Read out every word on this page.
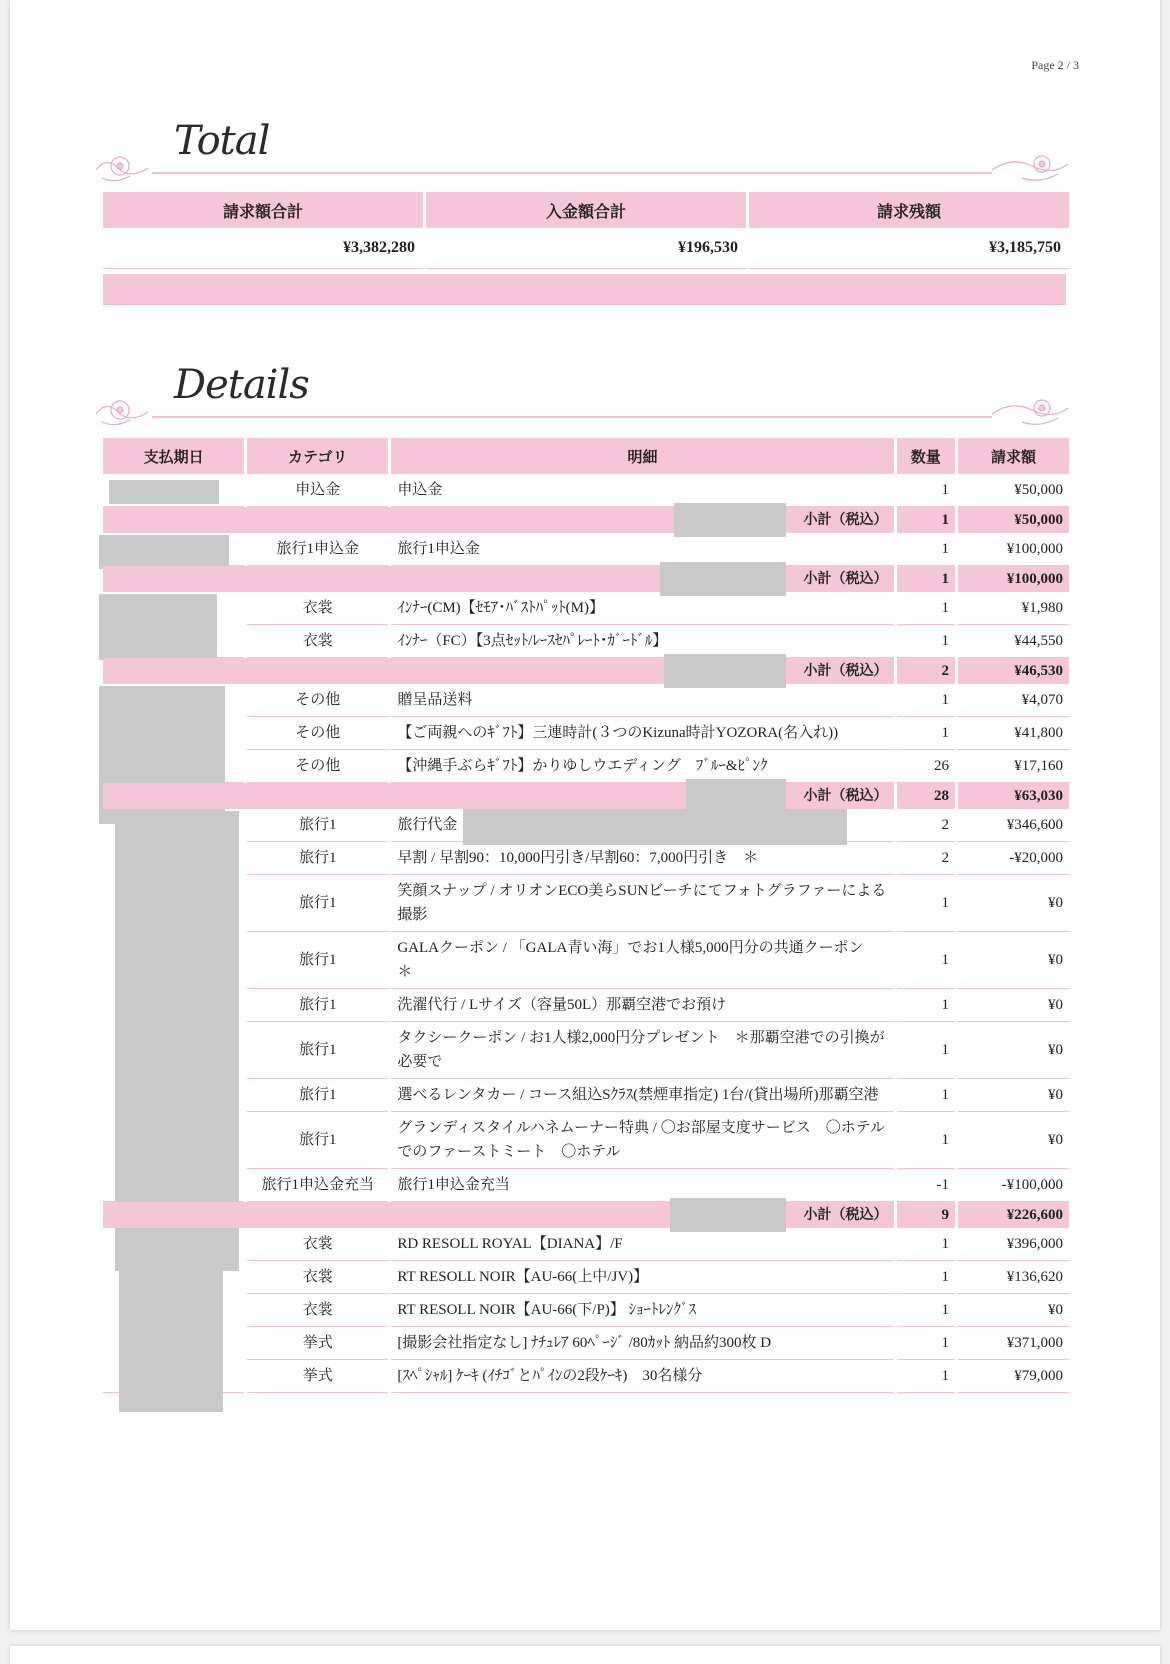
Page 2 / 3
Total
請求額合計	入金額合計	請求残額
¥3,382,280	¥196,530	¥3,185,750
Details
支払期日	カテゴリ	明細	数量	請求額

	申込金	申込金	1	¥50,000

小計（税込）			1	¥50,000

	旅行1申込金	旅行1申込金	1	¥100,000

小計（税込）			1	¥100,000

	衣裳	ｲﾝﾅｰ(CM)【ｾﾓｱ･ﾊﾞｽﾄﾊﾟｯﾄ(M)】	1	¥1,980
	衣裳	ｲﾝﾅｰ（FC）【3点ｾｯﾄ/ﾚｰｽｾﾊﾟﾚｰﾄ･ｶﾞｰﾄﾞﾙ】	1	¥44,550

小計（税込）			2	¥46,530

	その他	贈呈品送料	1	¥4,070
	その他	【ご両親へのｷﾞﾌﾄ】三連時計(３つのKizuna時計YOZORA(名入れ))	1	¥41,800
	その他	【沖縄手ぶらｷﾞﾌﾄ】かりゆしウエディング　ﾌﾞﾙｰ&ﾋﾟﾝｸ	26	¥17,160

小計（税込）			28	¥63,030

	旅行1	旅行代金	2	¥346,600
	旅行1	早割 / 早割90：10,000円引き/早割60：7,000円引き　＊	2	-¥20,000
	旅行1	笑顔スナップ / オリオンECO美らSUNビーチにてフォトグラファーによる撮影	1	¥0
	旅行1	GALAクーポン / 「GALA青い海」でお1人様5,000円分の共通クーポン　＊	1	¥0
	旅行1	洗濯代行 / Lサイズ（容量50L）那覇空港でお預け	1	¥0
	旅行1	タクシークーポン / お1人様2,000円分プレゼント　＊那覇空港での引換が必要で	1	¥0
	旅行1	選べるレンタカー / コース組込Sｸﾗｽ(禁煙車指定) 1台/(貸出場所)那覇空港	1	¥0
	旅行1	グランディスタイルハネムーナー特典 / 〇お部屋支度サービス　〇ホテルでのファーストミート　〇ホテル	1	¥0
	旅行1申込金充当	旅行1申込金充当	-1	-¥100,000

小計（税込）			9	¥226,600

	衣裳	RD RESOLL ROYAL【DIANA】/F	1	¥396,000
	衣裳	RT RESOLL NOIR【AU-66(上中/JV)】	1	¥136,620
	衣裳	RT RESOLL NOIR【AU-66(下/P)】 ｼｮｰﾄﾚﾝｸﾞｽ	1	¥0
	挙式	[撮影会社指定なし] ﾅﾁｭﾚｱ 60ﾍﾟｰｼﾞ /80ｶｯﾄ 納品約300枚 D	1	¥371,000
	挙式	[ｽﾍﾟｼｬﾙ] ｹｰｷ (ｲﾁｺﾞとﾊﾟｲﾝの2段ｹｰｷ)　30名様分	1	¥79,000
